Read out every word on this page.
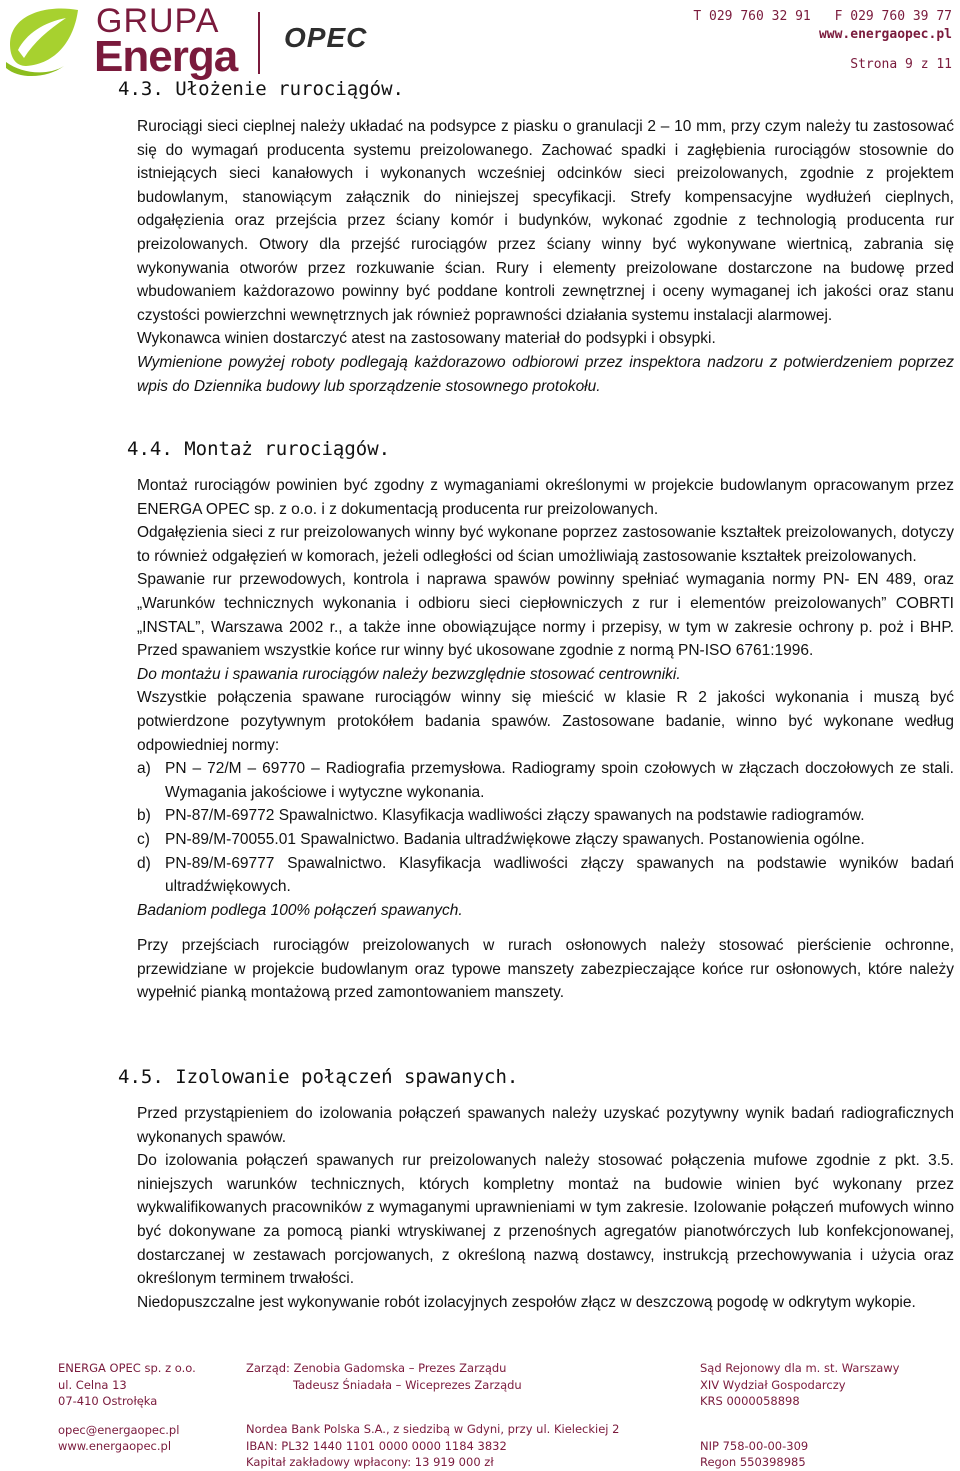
GRUPA
Energa OPEC
T 029 760 32 91 F 029 760 39 77
www.energaopec.pl
Strona 9 z 11
4.3. Ułożenie rurociągów.

Rurociągi sieci cieplnej należy układać na podsypce z piasku o granulacji 2 – 10 mm, przy czym należy tu zastosować się do wymagań producenta systemu preizolowanego. Zachować spadki i zagłębienia rurociągów stosownie do istniejących sieci kanałowych i wykonanych wcześniej odcinków sieci preizolowanych, zgodnie z projektem budowlanym, stanowiącym załącznik do niniejszej specyfikacji. Strefy kompensacyjne wydłużeń cieplnych, odgałęzienia oraz przejścia przez ściany komór i budynków, wykonać zgodnie z technologią producenta rur preizolowanych. Otwory dla przejść rurociągów przez ściany winny być wykonywane wiertnicą, zabrania się wykonywania otworów przez rozkuwanie ścian. Rury i elementy preizolowane dostarczone na budowę przed wbudowaniem każdorazowo powinny być poddane kontroli zewnętrznej i oceny wymaganej ich jakości oraz stanu czystości powierzchni wewnętrznych jak również poprawności działania systemu instalacji alarmowej.

Wykonawca winien dostarczyć atest na zastosowany materiał do podsypki i obsypki.

Wymienione powyżej roboty podlegają każdorazowo odbiorowi przez inspektora nadzoru z potwierdzeniem poprzez wpis do Dziennika budowy lub sporządzenie stosownego protokołu.

4.4. Montaż rurociągów.

Montaż rurociągów powinien być zgodny z wymaganiami określonymi w projekcie budowlanym opracowanym przez ENERGA OPEC sp. z o.o. i z dokumentacją producenta rur preizolowanych.

Odgałęzienia sieci z rur preizolowanych winny być wykonane poprzez zastosowanie kształtek preizolowanych, dotyczy to również odgałęzień w komorach, jeżeli odległości od ścian umożliwiają zastosowanie kształtek preizolowanych.

Spawanie rur przewodowych, kontrola i naprawa spawów powinny spełniać wymagania normy PN- EN 489, oraz „Warunków technicznych wykonania i odbioru sieci ciepłowniczych z rur i elementów preizolowanych” COBRTI „INSTAL”, Warszawa 2002 r., a także inne obowiązujące normy i przepisy, w tym w zakresie ochrony p. poż i BHP. Przed spawaniem wszystkie końce rur winny być ukosowane zgodnie z normą PN-ISO 6761:1996.

Do montażu i spawania rurociągów należy bezwzględnie stosować centrowniki.

Wszystkie połączenia spawane rurociągów winny się mieścić w klasie R 2 jakości wykonania i muszą być potwierdzone pozytywnym protokółem badania spawów. Zastosowane badanie, winno być wykonane według odpowiedniej normy:

a) PN – 72/M – 69770 – Radiografia przemysłowa. Radiogramy spoin czołowych w złączach doczołowych ze stali. Wymagania jakościowe i wytyczne wykonania.
b) PN-87/M-69772 Spawalnictwo. Klasyfikacja wadliwości złączy spawanych na podstawie radiogramów.
c) PN-89/M-70055.01 Spawalnictwo. Badania ultradźwiękowe złączy spawanych. Postanowienia ogólne.
d) PN-89/M-69777 Spawalnictwo. Klasyfikacja wadliwości złączy spawanych na podstawie wyników badań ultradźwiękowych.

Badaniom podlega 100% połączeń spawanych.

Przy przejściach rurociągów preizolowanych w rurach osłonowych należy stosować pierścienie ochronne, przewidziane w projekcie budowlanym oraz typowe manszety zabezpieczające końce rur osłonowych, które należy wypełnić pianką montażową przed zamontowaniem manszety.

4.5. Izolowanie połączeń spawanych.

Przed przystąpieniem do izolowania połączeń spawanych należy uzyskać pozytywny wynik badań radiograficznych wykonanych spawów.

Do izolowania połączeń spawanych rur preizolowanych należy stosować połączenia mufowe zgodnie z pkt. 3.5. niniejszych warunków technicznych, których kompletny montaż na budowie winien być wykonany przez wykwalifikowanych pracowników z wymaganymi uprawnieniami w tym zakresie. Izolowanie połączeń mufowych winno być dokonywane za pomocą pianki wtryskiwanej z przenośnych agregatów pianotwórczych lub konfekcjonowanej, dostarczanej w zestawach porcjowanych, z określoną nazwą dostawcy, instrukcją przechowywania i użycia oraz określonym terminem trwałości.

Niedopuszczalne jest wykonywanie robót izolacyjnych zespołów złącz w deszczową pogodę w odkrytym wykopie.

ENERGA OPEC sp. z o.o.
ul. Celna 13
07-410 Ostrołęka
opec@energaopec.pl
www.energaopec.pl
Zarząd: Zenobia Gadomska – Prezes Zarządu
Tadeusz Śniadała – Wiceprezes Zarządu
Nordea Bank Polska S.A., z siedzibą w Gdyni, przy ul. Kieleckiej 2
IBAN: PL32 1440 1101 0000 0000 1184 3832
Kapitał zakładowy wpłacony: 13 919 000 zł
Sąd Rejonowy dla m. st. Warszawy
XIV Wydział Gospodarczy
KRS 0000058898
NIP 758-00-00-309
Regon 550398985
